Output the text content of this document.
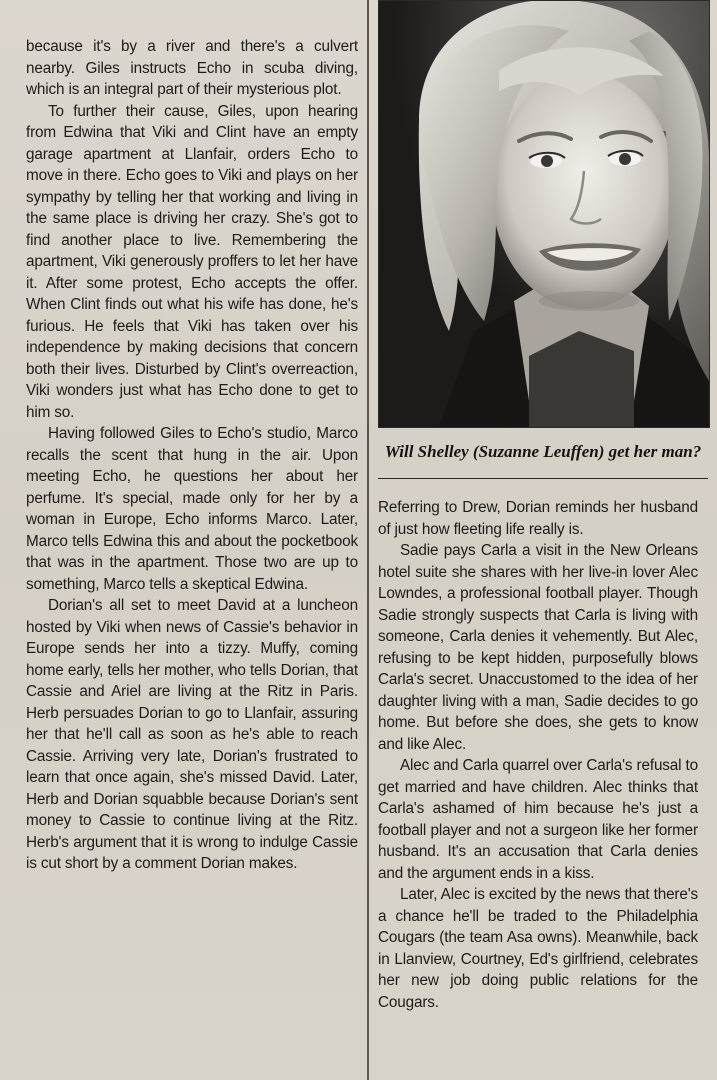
because it's by a river and there's a culvert nearby. Giles instructs Echo in scuba diving, which is an integral part of their mysterious plot.

To further their cause, Giles, upon hearing from Edwina that Viki and Clint have an empty garage apartment at Llanfair, orders Echo to move in there. Echo goes to Viki and plays on her sympathy by telling her that working and living in the same place is driving her crazy. She's got to find another place to live. Remembering the apartment, Viki generously proffers to let her have it. After some protest, Echo accepts the offer. When Clint finds out what his wife has done, he's furious. He feels that Viki has taken over his independence by making decisions that concern both their lives. Disturbed by Clint's overreaction, Viki wonders just what has Echo done to get to him so.

Having followed Giles to Echo's studio, Marco recalls the scent that hung in the air. Upon meeting Echo, he questions her about her perfume. It's special, made only for her by a woman in Europe, Echo informs Marco. Later, Marco tells Edwina this and about the pocketbook that was in the apartment. Those two are up to something, Marco tells a skeptical Edwina.

Dorian's all set to meet David at a luncheon hosted by Viki when news of Cassie's behavior in Europe sends her into a tizzy. Muffy, coming home early, tells her mother, who tells Dorian, that Cassie and Ariel are living at the Ritz in Paris. Herb persuades Dorian to go to Llanfair, assuring her that he'll call as soon as he's able to reach Cassie. Arriving very late, Dorian's frustrated to learn that once again, she's missed David. Later, Herb and Dorian squabble because Dorian's sent money to Cassie to continue living at the Ritz. Herb's argument that it is wrong to indulge Cassie is cut short by a comment Dorian makes.

Will Shelley (Suzanne Leuffen) get her man?

Referring to Drew, Dorian reminds her husband of just how fleeting life really is.

Sadie pays Carla a visit in the New Orleans hotel suite she shares with her live-in lover Alec Lowndes, a professional football player. Though Sadie strongly suspects that Carla is living with someone, Carla denies it vehemently. But Alec, refusing to be kept hidden, purposefully blows Carla's secret. Unaccustomed to the idea of her daughter living with a man, Sadie decides to go home. But before she does, she gets to know and like Alec.

Alec and Carla quarrel over Carla's refusal to get married and have children. Alec thinks that Carla's ashamed of him because he's just a football player and not a surgeon like her former husband. It's an accusation that Carla denies and the argument ends in a kiss.

Later, Alec is excited by the news that there's a chance he'll be traded to the Philadelphia Cougars (the team Asa owns). Meanwhile, back in Llanview, Courtney, Ed's girlfriend, celebrates her new job doing public relations for the Cougars.
